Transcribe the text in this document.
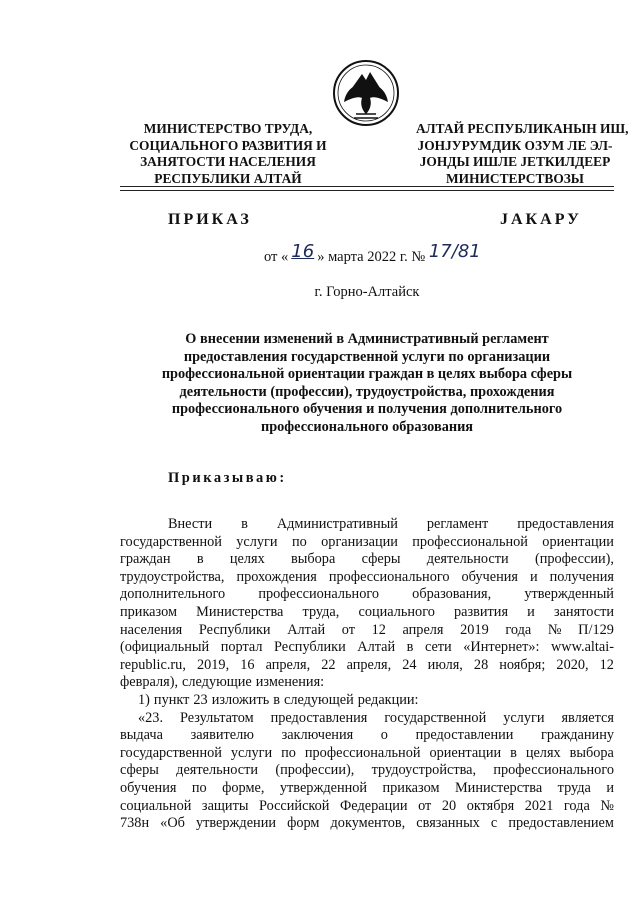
МИНИСТЕРСТВО ТРУДА,
СОЦИАЛЬНОГО РАЗВИТИЯ И
ЗАНЯТОСТИ НАСЕЛЕНИЯ
РЕСПУБЛИКИ АЛТАЙ
АЛТАЙ РЕСПУБЛИКАНЫН ИШ,
ЈОНЈУРУМДИК ОЗУМ ЛЕ ЭЛ-
ЈОНДЫ ИШЛЕ ЈЕТКИЛДЕЕР
МИНИСТЕРСТВОЗЫ
ПРИКАЗ	ЈАКАРУ
от « 16 » марта 2022 г. № 17/81
г. Горно-Алтайск
О внесении изменений в Административный регламент
предоставления государственной услуги по организации
профессиональной ориентации граждан в целях выбора сферы
деятельности (профессии), трудоустройства, прохождения
профессионального обучения и получения дополнительного
профессионального образования
Приказываю:
Внести в Административный регламент предоставления
государственной услуги по организации профессиональной ориентации
граждан в целях выбора сферы деятельности (профессии),
трудоустройства, прохождения профессионального обучения и получения
дополнительного профессионального образования, утвержденный
приказом Министерства труда, социального развития и занятости
населения Республики Алтай от 12 апреля 2019 года № П/129
(официальный портал Республики Алтай в сети «Интернет»: www.altai-
republic.ru, 2019, 16 апреля, 22 апреля, 24 июля, 28 ноября; 2020, 12
февраля), следующие изменения:
1) пункт 23 изложить в следующей редакции:
«23. Результатом предоставления государственной услуги является
выдача заявителю заключения о предоставлении гражданину
государственной услуги по профессиональной ориентации в целях выбора
сферы деятельности (профессии), трудоустройства, профессионального
обучения по форме, утвержденной приказом Министерства труда и
социальной защиты Российской Федерации от 20 октября 2021 года №
738н «Об утверждении форм документов, связанных с предоставлением
